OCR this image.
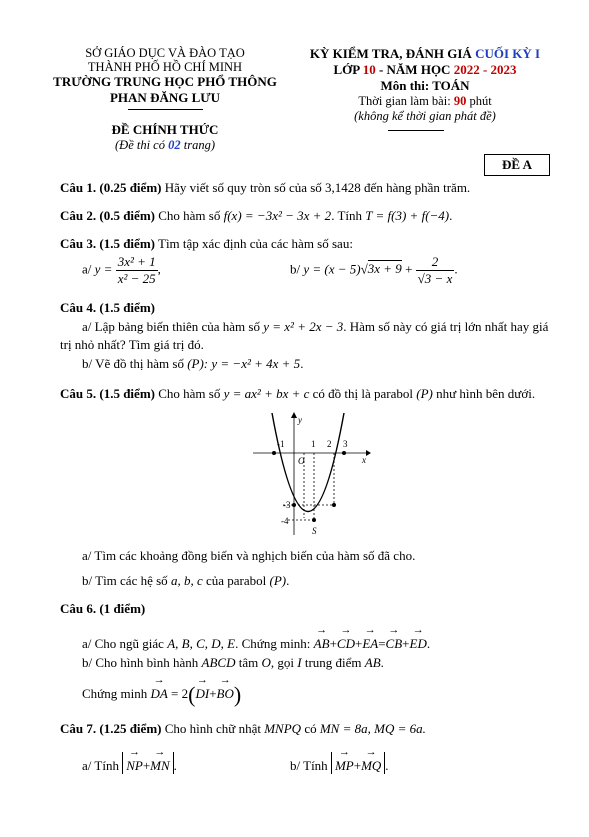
SỞ GIÁO DỤC VÀ ĐÀO TẠO
THÀNH PHỐ HỒ CHÍ MINH
TRƯỜNG TRUNG HỌC PHỔ THÔNG
PHAN ĐĂNG LƯU
ĐỀ CHÍNH THỨC
(Đề thi có 02 trang)
KỲ KIỂM TRA, ĐÁNH GIÁ CUỐI KỲ I
LỚP 10 - NĂM HỌC 2022 - 2023
Môn thi: TOÁN
Thời gian làm bài: 90 phút
(không kể thời gian phát đề)
ĐỀ A
Câu 1. (0.25 điểm) Hãy viết số quy tròn số của số 3,1428 đến hàng phần trăm.
Câu 2. (0.5 điểm) Cho hàm số f(x) = −3x² − 3x + 2. Tính T = f(3) + f(−4).
Câu 3. (1.5 điểm) Tìm tập xác định của các hàm số sau:
a/ $y = \frac{\text{3x² + 1}}{\text{x² − 25}}$ ,	b/ $y = (x - 5)√3x + 9 + \frac{2}{√3 - x}$ .
Câu 4. (1.5 điểm)
a/ Lập bảng biến thiên của hàm số y = x² + 2x − 3. Hàm số này có giá trị lớn nhất hay giá
trị nhỏ nhất? Tìm giá trị đó.
b/ Vẽ đồ thị hàm số (P): y = −x² + 4x + 5.
Câu 5. (1.5 điểm) Cho hàm số y = ax² + bx + c có đồ thị là parabol (P) như hình bên dưới.
y
x
O
S
-1	1 2 3
-3
-4
a/ Tìm các khoảng đồng biến và nghịch biến của hàm số đã cho.
b/ Tìm các hệ số a, b, c của parabol (P).
Câu 6. (1 điểm)
a/ Cho ngũ giác A, B, C, D, E. Chứng minh: → AB+→ CD+→ EA=→ CB+→ ED.
b/ Cho hình bình hành ABCD tâm O, gọi I trung điểm AB.
Chứng minh → DA = 2(→ DI+→ BO)
Câu 7. (1.25 điểm) Cho hình chữ nhật MNPQ có MN = 8a, MQ = 6a.
a/ Tính → NP+→ MN .	b/ Tính → MP+→ MQ .
